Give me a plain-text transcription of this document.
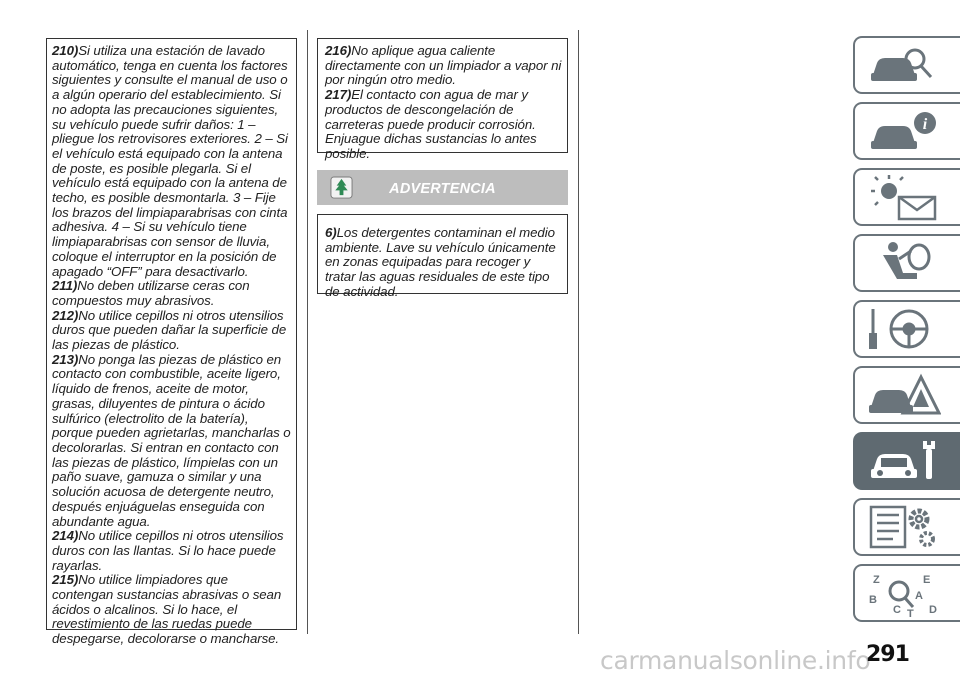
210)Si utiliza una estación de lavado automático, tenga en cuenta los factores siguientes y consulte el manual de uso o a algún operario del establecimiento. Si no adopta las precauciones siguientes, su vehículo puede sufrir daños: 1 – pliegue los retrovisores exteriores. 2 – Si el vehículo está equipado con la antena de poste, es posible plegarla. Si el vehículo está equipado con la antena de techo, es posible desmontarla. 3 – Fije los brazos del limpiaparabrisas con cinta adhesiva. 4 – Si su vehículo tiene limpiaparabrisas con sensor de lluvia, coloque el interruptor en la posición de apagado “OFF” para desactivarlo.

211)No deben utilizarse ceras con compuestos muy abrasivos.

212)No utilice cepillos ni otros utensilios duros que pueden dañar la superficie de las piezas de plástico.

213)No ponga las piezas de plástico en contacto con combustible, aceite ligero, líquido de frenos, aceite de motor, grasas, diluyentes de pintura o ácido sulfúrico (electrolito de la batería), porque pueden agrietarlas, mancharlas o decolorarlas. Si entran en contacto con las piezas de plástico, límpielas con un paño suave, gamuza o similar y una solución acuosa de detergente neutro, después enjuáguelas enseguida con abundante agua.

214)No utilice cepillos ni otros utensilios duros con las llantas. Si lo hace puede rayarlas.

215)No utilice limpiadores que contengan sustancias abrasivas o sean ácidos o alcalinos. Si lo hace, el revestimiento de las ruedas puede despegarse, decolorarse o mancharse.

216)No aplique agua caliente directamente con un limpiador a vapor ni por ningún otro medio.

217)El contacto con agua de mar y productos de descongelación de carreteras puede producir corrosión. Enjuague dichas sustancias lo antes posible.

ADVERTENCIA

6)Los detergentes contaminan el medio ambiente. Lave su vehículo únicamente en zonas equipadas para recoger y tratar las aguas residuales de este tipo de actividad.

i
Z	E
B
C T D
A
carmanualsonline.info
291
